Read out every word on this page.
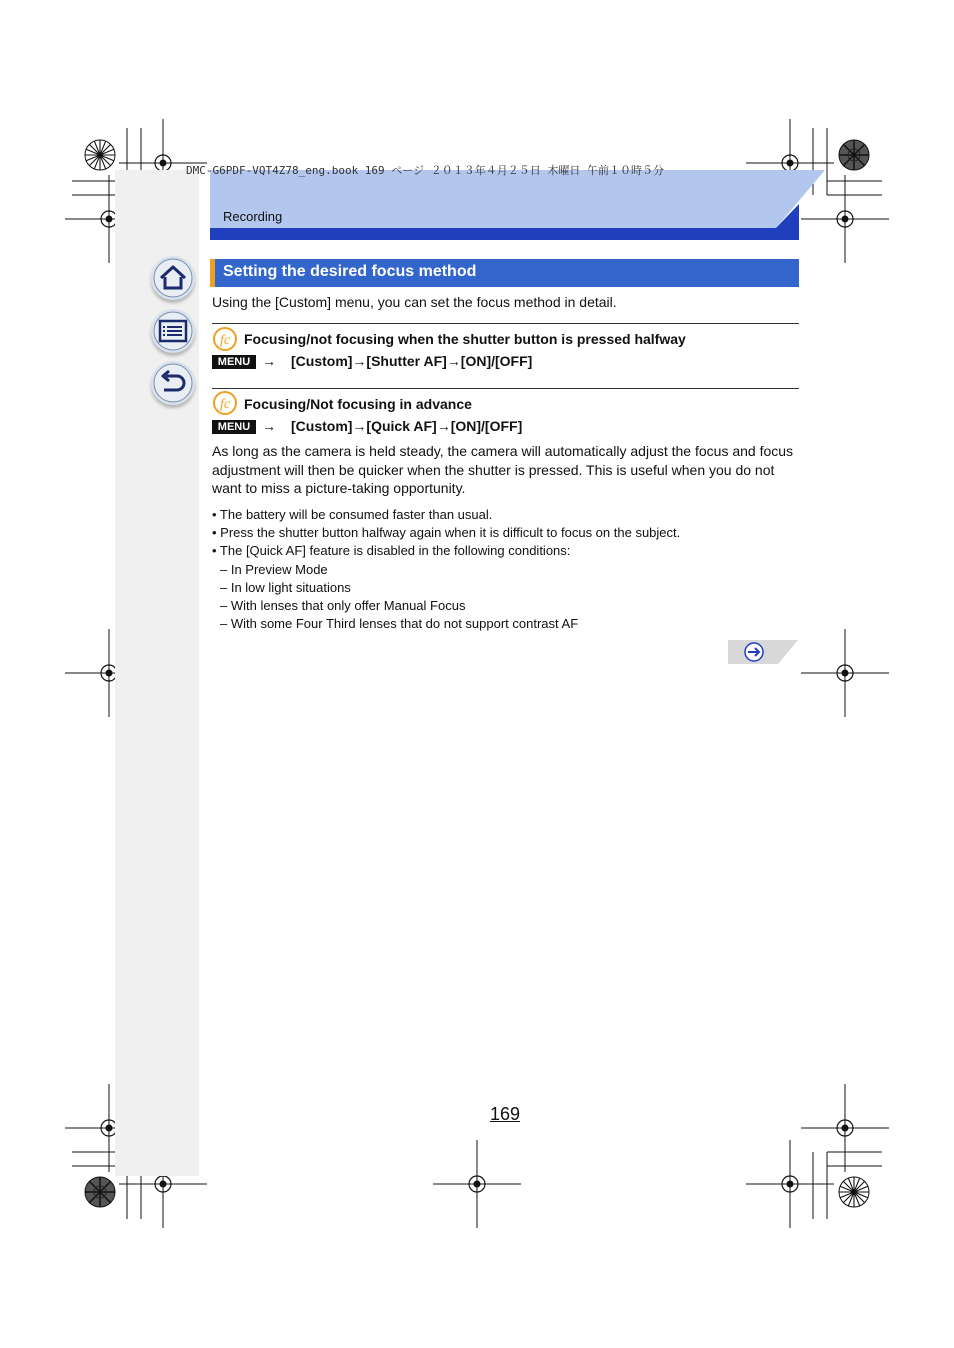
DMC-G6PDF-VQT4Z78_eng.book 169 ページ ２０１３年４月２５日 木曜日 午前１０時５分
Recording
Setting the desired focus method
Using the [Custom] menu, you can set the focus method in detail.
fc Focusing/not focusing when the shutter button is pressed halfway
MENU → [Custom]→[Shutter AF]→[ON]/[OFF]
fc Focusing/Not focusing in advance
MENU → [Custom]→[Quick AF]→[ON]/[OFF]
As long as the camera is held steady, the camera will automatically adjust the focus and focus adjustment will then be quicker when the shutter is pressed. This is useful when you do not want to miss a picture-taking opportunity.
• The battery will be consumed faster than usual.
• Press the shutter button halfway again when it is difficult to focus on the subject.
• The [Quick AF] feature is disabled in the following conditions:
– In Preview Mode
– In low light situations
– With lenses that only offer Manual Focus
– With some Four Third lenses that do not support contrast AF
169
